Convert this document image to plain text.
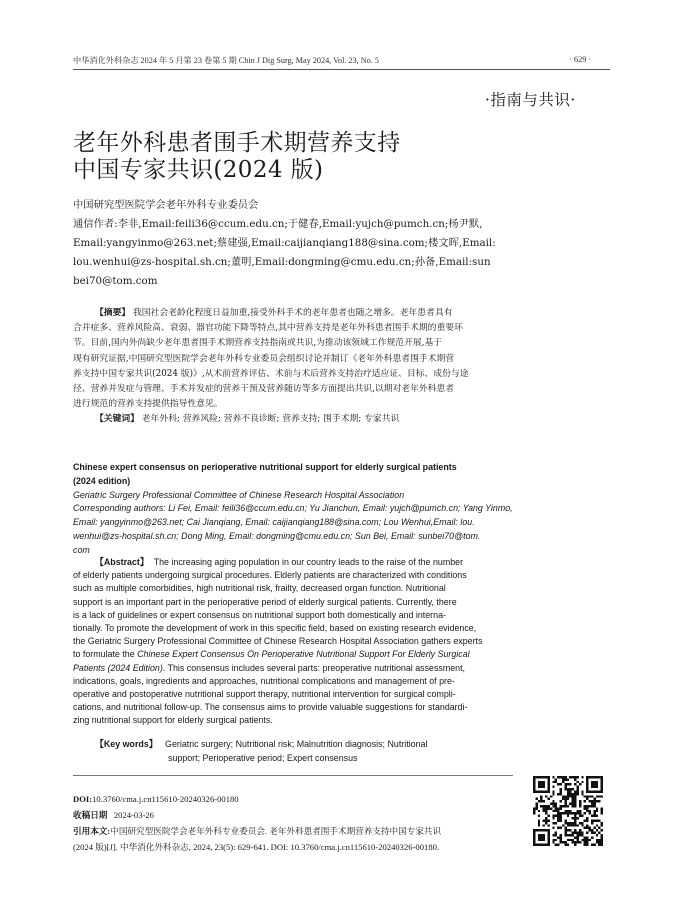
中华消化外科杂志 2024 年 5 月第 23 卷第 5 期 Chin J Dig Surg, May 2024, Vol. 23, No. 5	· 629 ·
·指南与共识·
老年外科患者围手术期营养支持
中国专家共识(2024 版)
中国研究型医院学会老年外科专业委员会
通信作者:李非,Email:feili36@ccum.edu.cn;于健春,Email:yujch@pumch.cn;杨尹默,
Email:yangyinmo@263.net;蔡建强,Email:caijianqiang188@sina.com;楼文晖,Email:
lou.wenhui@zs-hospital.sh.cn;董明,Email:dongming@cmu.edu.cn;孙备,Email:sun
bei70@tom.com
【摘要】 我国社会老龄化程度日益加重,接受外科手术的老年患者也随之增多。老年患者具有
合并症多、营养风险高、衰弱、器官功能下降等特点,其中营养支持是老年外科患者围手术期的重要环
节。目前,国内外尚缺少老年患者围手术期营养支持指南或共识,为推动该领域工作规范开展,基于
现有研究证据,中国研究型医院学会老年外科专业委员会组织讨论并制订《老年外科患者围手术期营
养支持中国专家共识(2024 版)》,从术前营养评估、术前与术后营养支持治疗适应证、目标、成份与途
径、营养并发症与管理、手术并发症的营养干预及营养随访等多方面提出共识,以期对老年外科患者
进行规范的营养支持提供指导性意见。
【关键词】 老年外科; 营养风险; 营养不良诊断; 营养支持; 围手术期; 专家共识
Chinese expert consensus on perioperative nutritional support for elderly surgical patients
(2024 edition)
Geriatric Surgery Professional Committee of Chinese Research Hospital Association
Corresponding authors: Li Fei, Email: feili36@ccum.edu.cn; Yu Jianchun, Email: yujch@pumch.cn; Yang Yinmo,
Email: yangyinmo@263.net; Cai Jianqiang, Email: caijianqiang188@sina.com; Lou Wenhui,Email: lou.
wenhui@zs-hospital.sh.cn; Dong Ming, Email: dongming@cmu.edu.cn; Sun Bei, Email: sunbei70@tom.
com
【Abstract】 The increasing aging population in our country leads to the raise of the number
of elderly patients undergoing surgical procedures. Elderly patients are characterized with conditions
such as multiple comorbidities, high nutritional risk, frailty, decreased organ function. Nutritional
support is an important part in the perioperative period of elderly surgical patients. Currently, there
is a lack of guidelines or expert consensus on nutritional support both domestically and interna-
tionally. To promote the development of work in this specific field, based on existing research evidence,
the Geriatric Surgery Professional Committee of Chinese Research Hospital Association gathers experts
to formulate the Chinese Expert Consensus On Perioperative Nutritional Support For Elderly Surgical
Patients (2024 Edition). This consensus includes several parts: preoperative nutritional assessment,
indications, goals, ingredients and approaches, nutritional complications and management of pre-
operative and postoperative nutritional support therapy, nutritional intervention for surgical compli-
cations, and nutritional follow-up. The consensus aims to provide valuable suggestions for standardi-
zing nutritional support for elderly surgical patients.
【Key words】 Geriatric surgery; Nutritional risk; Malnutrition diagnosis; Nutritional
support; Perioperative period; Expert consensus
DOI:10.3760/cma.j.cn115610-20240326-00180
收稿日期 2024-03-26
引用本文:中国研究型医院学会老年外科专业委员会. 老年外科患者围手术期营养支持中国专家共识
(2024 版)[J]. 中华消化外科杂志, 2024, 23(5): 629-641. DOI: 10.3760/cma.j.cn115610-20240326-00180.
